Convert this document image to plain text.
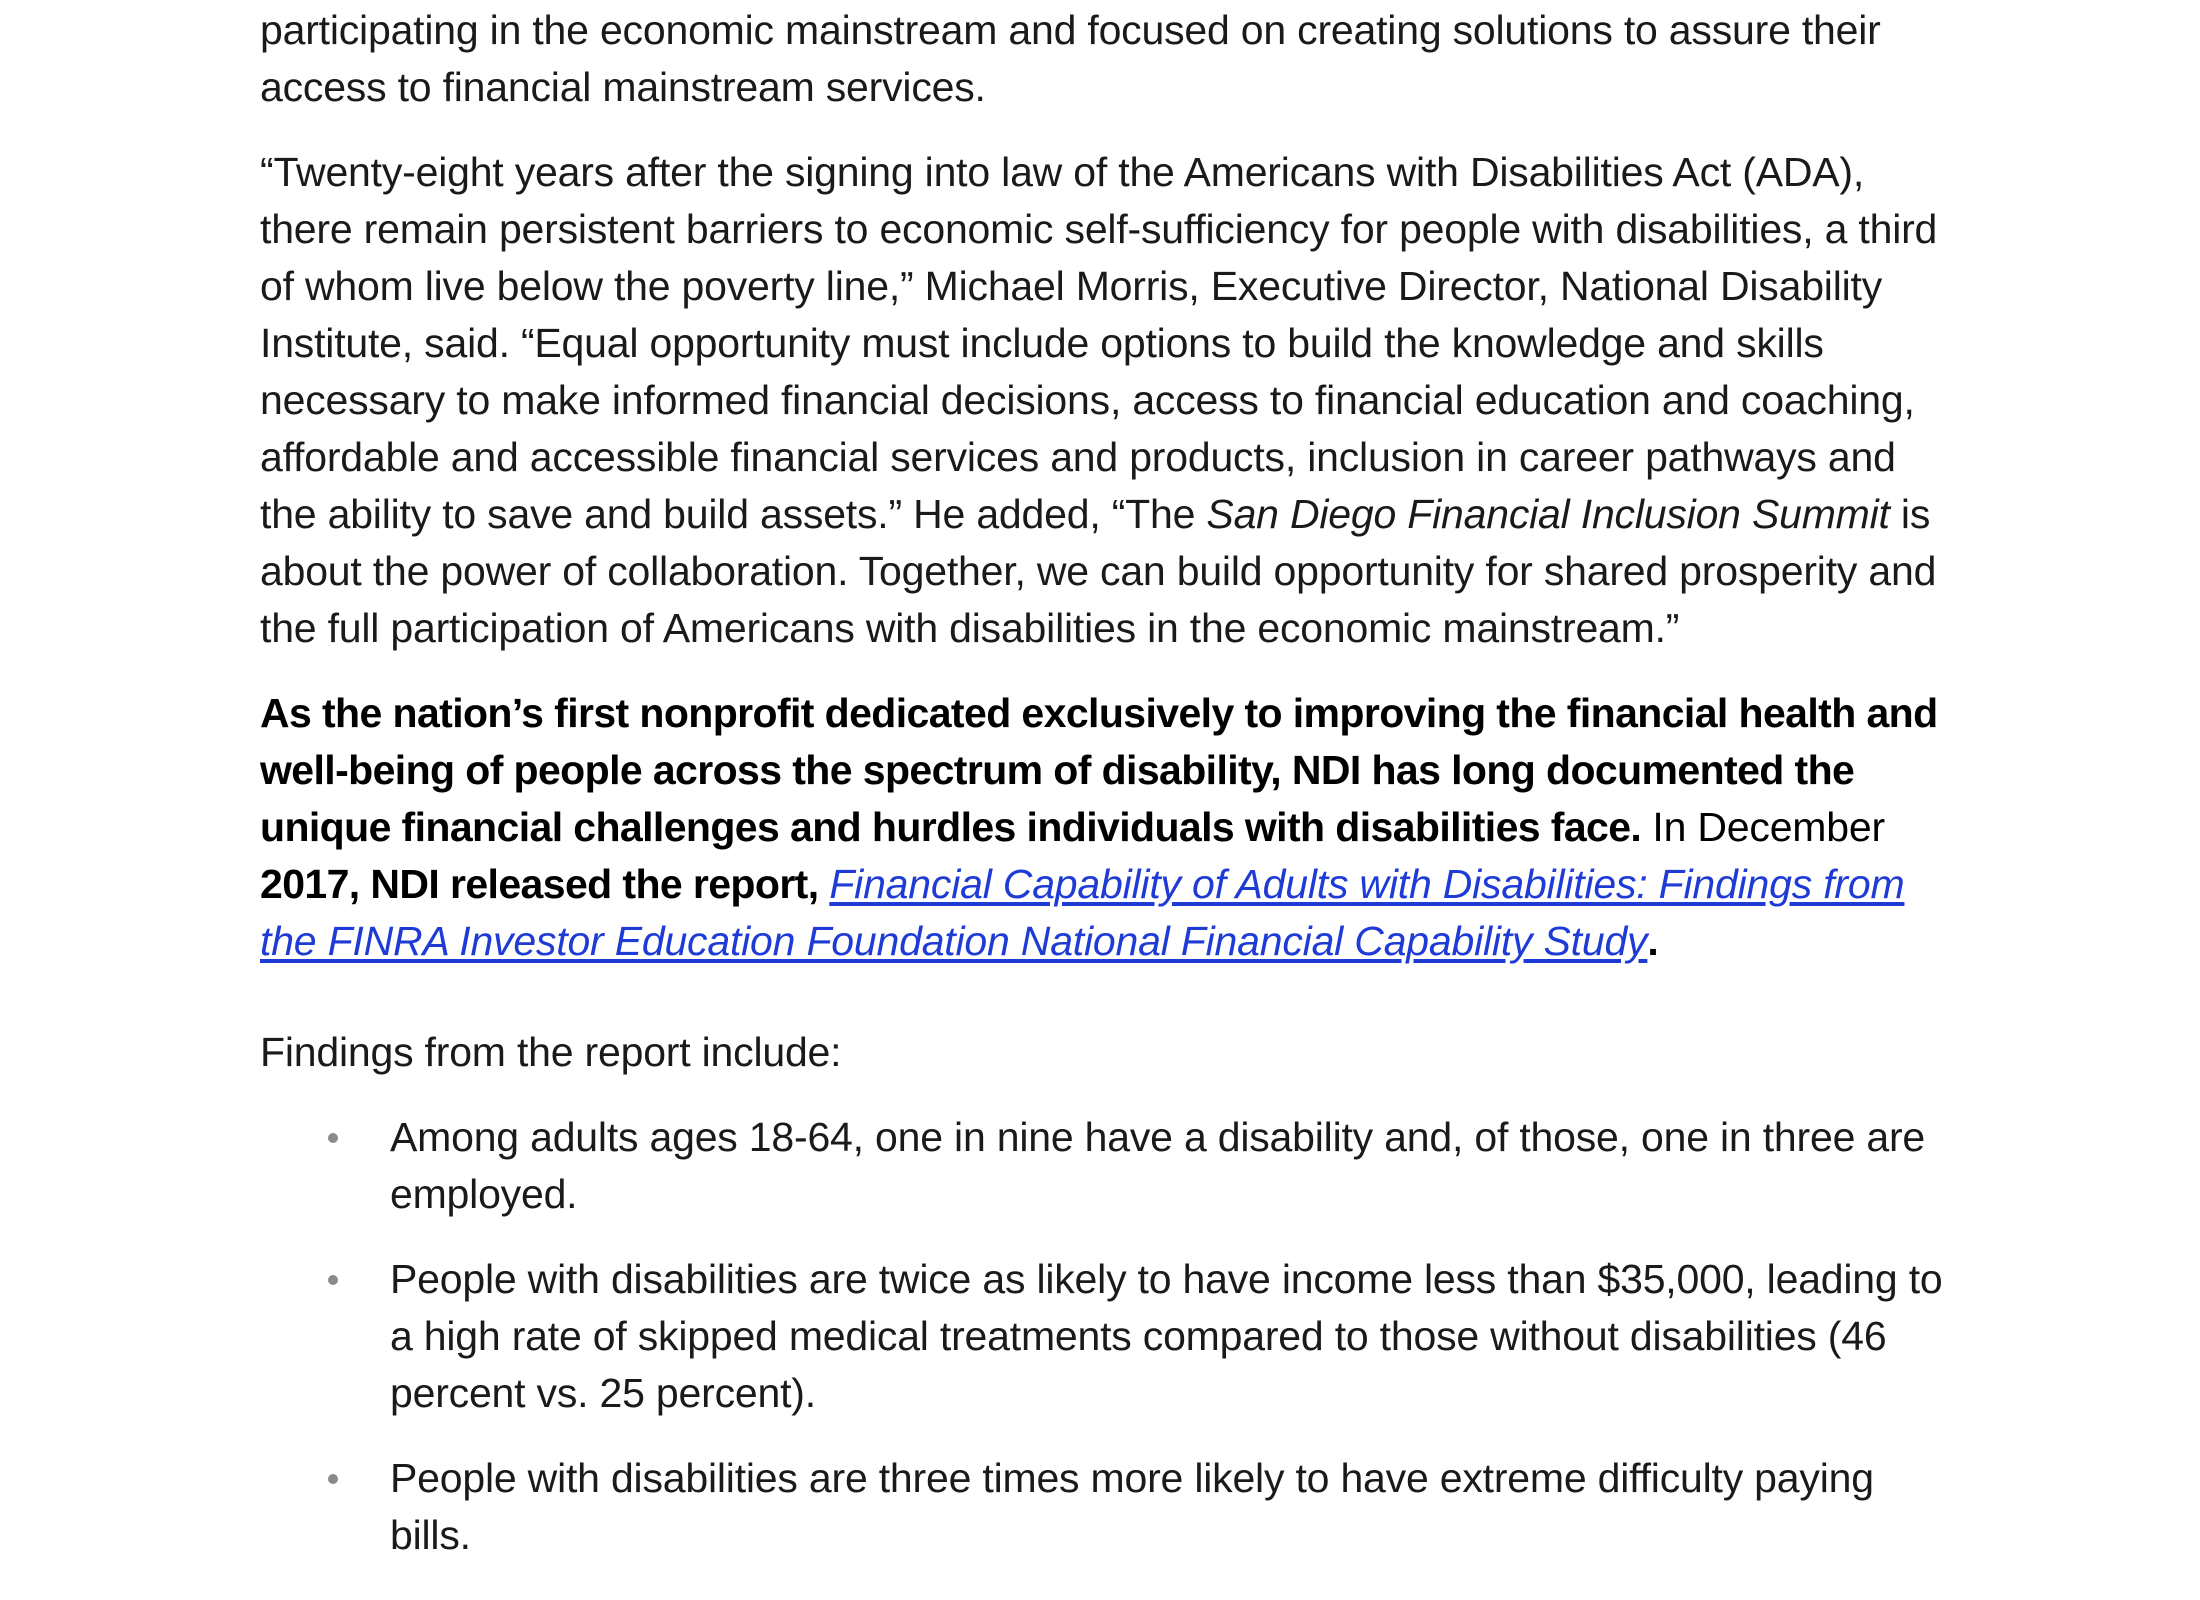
participating in the economic mainstream and focused on creating solutions to assure their access to financial mainstream services.

“Twenty-eight years after the signing into law of the Americans with Disabilities Act (ADA), there remain persistent barriers to economic self-sufficiency for people with disabilities, a third of whom live below the poverty line,” Michael Morris, Executive Director, National Disability Institute, said. “Equal opportunity must include options to build the knowledge and skills necessary to make informed financial decisions, access to financial education and coaching, affordable and accessible financial services and products, inclusion in career pathways and the ability to save and build assets.” He added, “The San Diego Financial Inclusion Summit is about the power of collaboration. Together, we can build opportunity for shared prosperity and the full participation of Americans with disabilities in the economic mainstream.”

As the nation’s first nonprofit dedicated exclusively to improving the financial health and well-being of people across the spectrum of disability, NDI has long documented the unique financial challenges and hurdles individuals with disabilities face. In December 2017, NDI released the report, Financial Capability of Adults with Disabilities: Findings from the FINRA Investor Education Foundation National Financial Capability Study.

Findings from the report include:

Among adults ages 18-64, one in nine have a disability and, of those, one in three are employed.
People with disabilities are twice as likely to have income less than $35,000, leading to a high rate of skipped medical treatments compared to those without disabilities (46 percent vs. 25 percent).
People with disabilities are three times more likely to have extreme difficulty paying bills.
